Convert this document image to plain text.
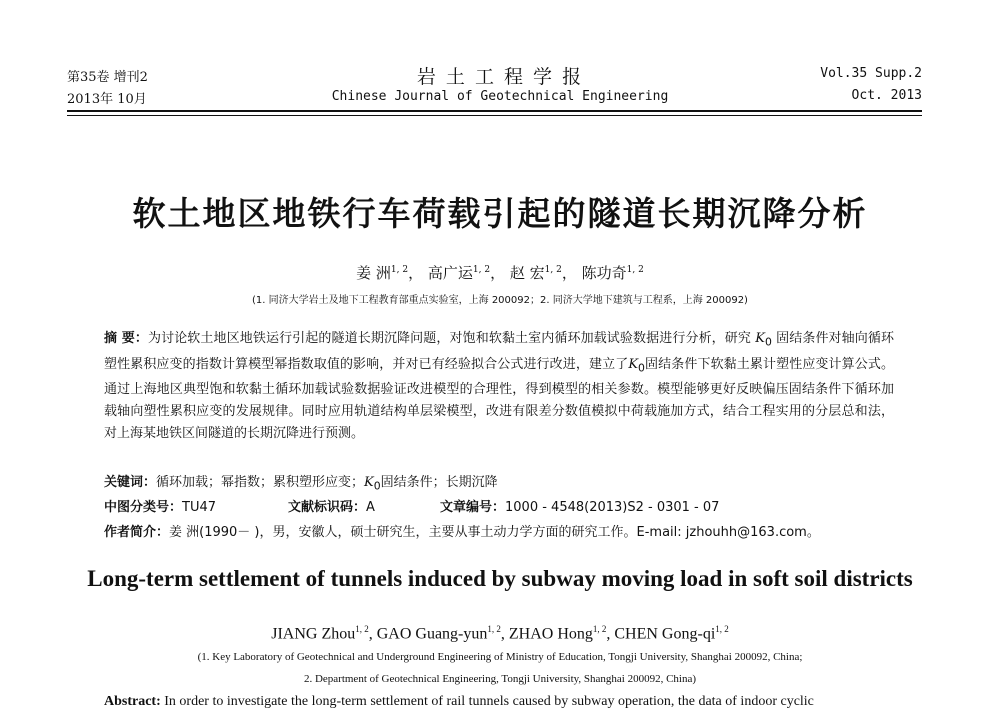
第35卷 增刊2
2013年 10月
岩 土 工 程 学 报
Chinese Journal of Geotechnical Engineering
Vol.35 Supp.2
Oct. 2013
软土地区地铁行车荷载引起的隧道长期沉降分析
姜 洲$^{1, 2}$， 高广运$^{1, 2}$， 赵 宏$^{1, 2}$， 陈功奇$^{1, 2}$
(1. 同济大学岩土及地下工程教育部重点实验室，上海 200092；2. 同济大学地下建筑与工程系，上海 200092)
摘 要：为讨论软土地区地铁运行引起的隧道长期沉降问题，对饱和软黏土室内循环加载试验数据进行分析，研究 $K_0$ 固结条件对轴向循环塑性累积应变的指数计算模型幂指数取值的影响，并对已有经验拟合公式进行改进，建立了$K_0$固结条件下软黏土累计塑性应变计算公式。通过上海地区典型饱和软黏土循环加载试验数据验证改进模型的合理性，得到模型的相关参数。模型能够更好反映偏压固结条件下循环加载轴向塑性累积应变的发展规律。同时应用轨道结构单层梁模型，改进有限差分数值模拟中荷载施加方式，结合工程实用的分层总和法，对上海某地铁区间隧道的长期沉降进行预测。
关键词：循环加载；幂指数；累积塑形应变；$K_0$固结条件；长期沉降
中图分类号：TU47	文献标识码：A	文章编号：1000 - 4548(2013)S2 - 0301 - 07
作者简介：姜 洲(1990－ )，男，安徽人，硕士研究生，主要从事土动力学方面的研究工作。E-mail: jzhouhh@163.com。
Long-term settlement of tunnels induced by subway moving load in soft soil districts
JIANG Zhou$^{1, 2}$, GAO Guang-yun$^{1, 2}$, ZHAO Hong$^{1, 2}$, CHEN Gong-qi$^{1, 2}$
(1. Key Laboratory of Geotechnical and Underground Engineering of Ministry of Education, Tongji University, Shanghai 200092, China;
2. Department of Geotechnical Engineering, Tongji University, Shanghai 200092, China)
Abstract: In order to investigate the long-term settlement of rail tunnels caused by subway operation, the data of indoor cyclic
